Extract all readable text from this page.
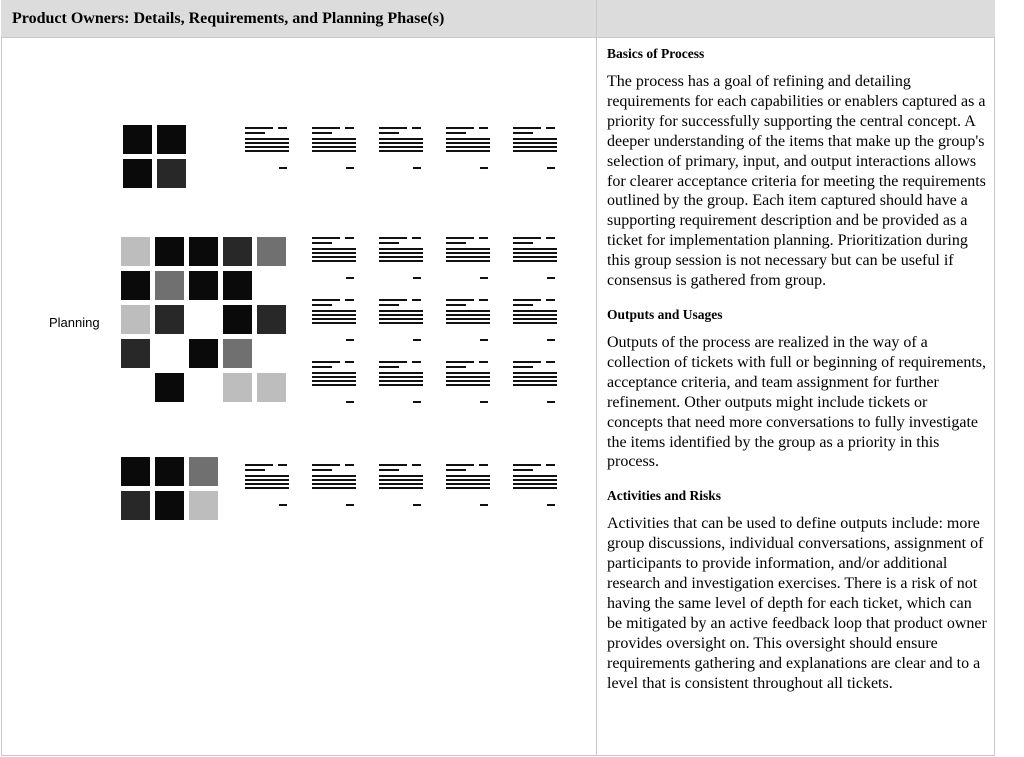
Product Owners: Details, Requirements, and Planning Phase(s)
Planning
Basics of Process
The process has a goal of refining and detailing requirements for each capabilities or enablers captured as a priority for successfully supporting the central concept. A deeper understanding of the items that make up the group's selection of primary, input, and output interactions allows for clearer acceptance criteria for meeting the requirements outlined by the group. Each item captured should have a supporting requirement description and be provided as a ticket for implementation planning. Prioritization during this group session is not necessary but can be useful if consensus is gathered from group.
Outputs and Usages
Outputs of the process are realized in the way of a collection of tickets with full or beginning of requirements, acceptance criteria, and team assignment for further refinement. Other outputs might include tickets or concepts that need more conversations to fully investigate the items identified by the group as a priority in this process.
Activities and Risks
Activities that can be used to define outputs include: more group discussions, individual conversations, assignment of participants to provide information, and/or additional research and investigation exercises. There is a risk of not having the same level of depth for each ticket, which can be mitigated by an active feedback loop that product owner provides oversight on. This oversight should ensure requirements gathering and explanations are clear and to a level that is consistent throughout all tickets.
